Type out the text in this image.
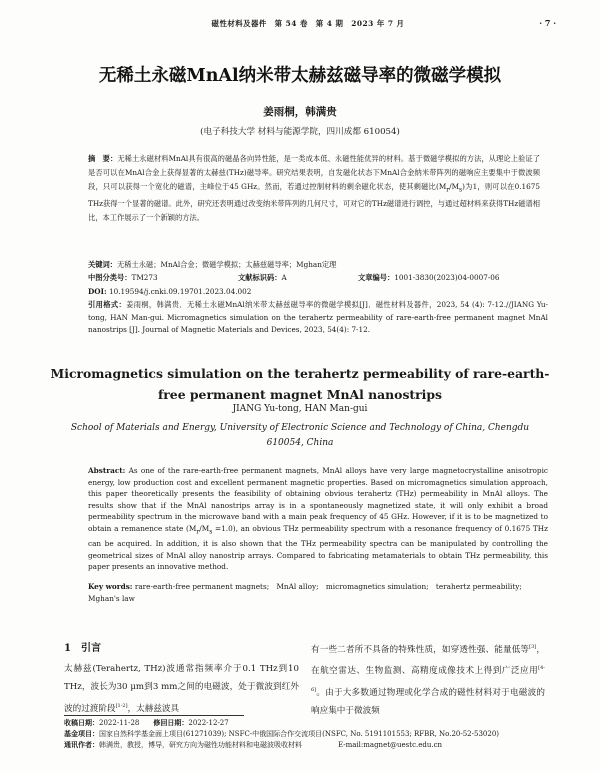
磁性材料及器件　第 54 卷　第 4 期　2023 年 7 月	· 7 ·
无稀土永磁MnAl纳米带太赫兹磁导率的微磁学模拟
姜雨桐，韩满贵
(电子科技大学 材料与能源学院，四川成都 610054)
摘　要：无稀土永磁材料MnAl具有很高的磁晶各向异性能，是一类成本低、永磁性能优异的材料。基于微磁学模拟的方法，从理论上验证了是否可以在MnAl合金上获得显著的太赫兹(THz)磁导率。研究结果表明，自发磁化状态下MnAl合金纳米带阵列的磁响应主要集中于微波频段，只可以获得一个宽化的磁谱，主峰位于45 GHz。然而，若通过控制材料的剩余磁化状态，使其剩磁比$(M_r/M_s)$为1，则可以在0.1675 THz获得一个显著的磁谱。此外，研究还表明通过改变纳米带阵列的几何尺寸，可对它的THz磁谱进行调控，与通过超材料来获得THz磁谱相比，本工作展示了一个新颖的方法。
关键词：无稀土永磁；MnAl合金；微磁学模拟；太赫兹磁导率；Mghan定理
中图分类号：TM273	文献标识码：A	文章编号：1001-3830(2023)04-0007-06
DOI: 10.19594/j.cnki.09.19701.2023.04.002
引用格式：姜雨桐，韩满贵．无稀土永磁MnAl纳米带太赫兹磁导率的微磁学模拟[J]．磁性材料及器件，2023, 54 (4): 7-12.//JIANG Yu-tong, HAN Man-gui. Micromagnetics simulation on the terahertz permeability of rare-earth-free permanent magnet MnAl nanostrips [J]. Journal of Magnetic Materials and Devices, 2023, 54(4): 7-12.
Micromagnetics simulation on the terahertz permeability of rare-earth-free permanent magnet MnAl nanostrips
JIANG Yu-tong, HAN Man-gui
School of Materials and Energy, University of Electronic Science and Technology of China, Chengdu 610054, China
Abstract: As one of the rare-earth-free permanent magnets, MnAl alloys have very large magnetocrystalline anisotropic energy, low production cost and excellent permanent magnetic properties. Based on micromagnetics simulation approach, this paper theoretically presents the feasibility of obtaining obvious terahertz (THz) permeability in MnAl alloys. The results show that if the MnAl nanostrips array is in a spontaneously magnetized state, it will only exhibit a broad permeability spectrum in the microwave band with a main peak frequency of 45 GHz. However, if it is to be magnetized to obtain a remanence state $(M_r/M_s =1.0)$, an obvious THz permeability spectrum with a resonance frequency of 0.1675 THz can be acquired. In addition, it is also shown that the THz permeability spectra can be manipulated by controlling the geometrical sizes of MnAl alloy nanostrip arrays. Compared to fabricating metamaterials to obtain THz permeability, this paper presents an innovative method.
Key words: rare-earth-free permanent magnets;　MnAl alloy;　micromagnetics simulation;　terahertz permeability; Mghan's law
1　引言
太赫兹(Terahertz, THz)波通常指频率介于0.1 THz到10 THz，波长为30 μm到3 mm之间的电磁波，处于微波到红外波的过渡阶段[1-2]，太赫兹波具
有一些二者所不具备的特殊性质，如穿透性强、能量低等[3]，在航空雷达、生物监测、高精度成像技术上得到广泛应用[4-6]。由于大多数通过物理或化学合成的磁性材料对于电磁波的响应集中于微波频
收稿日期：2022-11-28 修回日期：2022-12-27
基金项目：国家自然科学基金面上项目(61271039); NSFC-中俄国际合作交流项目(NSFC, No. 5191101553; RFBR, No.20-52-53020)
通讯作者：韩满贵，教授，博导，研究方向为磁性功能材料和电磁波吸收材料	E-mail:magnet@uestc.edu.cn
